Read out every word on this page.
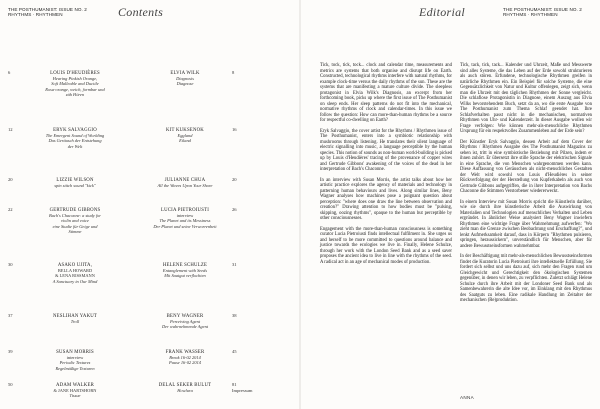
THE POSTHUMANIST: ISSUE NO. 2
RHYTHMS · RHYTHMEN	Contents
6	LOUIS D'HEUDIÈRES
Hearing Pinkish Orange,
Soft Malleable and Ductile
Rosa-orange, weich, formbar und
zäh Hören
8
ELVIA WILK
Diagnosis
Diagnose
12	ERYK SALVAGGIO
The Emergent Sound of Worlding
Das Geräusch der Entstehung
der Welt
16
KIT KUKSENOK
Eggland
Eiland
20	LIZZIE WILSON
spin stitch sound "kick"
20
JULIANNE CHUA
All the Waves Upon Your Shore
22	GERTRUDE GIBBONS
Bach's Chaconne: a study for
violin and voice
eine Studie für Geige und
Stimme
26
LUCIA PIETROIUSTI
interview
The Planet and its Messiness
Der Planet und seine Verworrenheit
30	ASAKO UJITA,
BELLA HOWARD
& LENA RISSMANN
A Sanctuary in Our Mind
31
HELENE SCHULZE
Entanglement with Seeds
Mit Saatgut verflochten
37	NESLIHAN YAKUT
Troll
38
BENY WAGNER
Perceiving Agent
Der wahrnehmende Agent
39	SUSAN MORRIS
interview
Periodic Textures
Regelmäßige Texturen
45
FRANK WASSER
Break 16-02 2014
Pause 16-02 2014
50	ADAM WALKER
& JANE HARTSHORN
Tissue
81
DELAL SEKER BULUT
Howlura	Impressum
Editorial	THE POSTHUMANIST: ISSUE NO. 2
RHYTHMS · RHYTHMEN

Tick, tock, tick, tock... clock and calendar time, measurements and metrics are systems that both organise and disrupt life on Earth. Constructed, technological rhythms interfere with natural rhythms, for example clock-time versus the daily rhythms of the sun. These are the systems that are manifesting a mature culture divide. The sleepless protagonist in Elvia Wilk's Diagnosis, an excerpt from her forthcoming book, picks up where the first issue of The Posthumanist on sleep ends. Her sleep patterns do not fit into the mechanical, normative rhythms of clock and calendar-times. In this issue we follow the question: How can more-than-human rhythms be a source for respectful co-dwelling on Earth?

Eryk Salvaggio, the cover artist for the Rhythms / Rhythmen issue of The Posthumanist, enters into a symbiotic relationship with mushrooms through listening. He translates their silent language of electric signalling into music, a language perceptible by the human species. This notion of sounds as non-human world-building is picked up by Louis d'Heudières' tracing of the provenance of copper wires and Gertrude Gibbons' awakening of the voices of the dead in her interpretation of Bach's Chaconne.

In an interview with Susan Morris, the artist talks about how her artistic practice explores the agency of materials and technology in patterning human behaviours and lives. Along similar lines, Beny Wagner analyses how machines pose a poignant question about perception: "where does one draw the line between observation and creation?" Drawing attention to how bodies must be "pulsing, skipping, oozing rhythms", opaque to the human but perceptible by other consciousnesses.

Engagement with the more-than-human consciousness is something curator Lucia Pietroiusti finds intellectual fulfilment in. She urges us and herself to be more committed to questions around balance and justice towards the ecologies we live in. Finally, Helene Schulze, through her work with the London Seed Bank and as a seed saver proposes the ancient idea to live in line with the rhythms of the seed. A radical act in an age of mechanical modes of production.

Tick, tack, tick, tack... Kalender und Uhrzeit, Maße und Messwerte sind alles Systeme, die das Leben auf der Erde sowohl strukturieren als auch stören. Erfundene, technologische Rhythmen greifen in natürliche Rhythmen ein. Ein Beispiel für solche Systeme, die eine Gegensätzlichkeit von Natur und Kultur offenlegen, zeigt sich, wenn man die Uhrzeit mit den täglichen Rhythmen der Sonne vergleicht. Die schlaflose Protagonistin in Diagnose, einem Auszug aus Elvia Wilks bevorstehendem Buch, setzt da an, wo die erste Ausgabe von The Posthumanist zum Thema Schlaf geendet hat. Ihre Schlafverhalten passt nicht in die mechanischen, normativen Rhythmen von Uhr- und Kalenderzeit. In dieser Ausgabe wollen wir Frage verfolgen: Wie können mehr-als-menschliche Rhythmen Ursprung für ein respektvolles Zusammenleben auf der Erde sein?

Der Künstler Eryk Salvaggio, dessen Arbeit auf dem Cover der Rhythms / Rhythmen Ausgabe des The Posthumanist Magazins zu sehen ist, tritt in eine symbiotische Beziehung mit Pilzen, indem er ihnen zuhört. Er übersetzt ihre stille Sprache der elektrischen Signale in eine Sprache, die von Menschen wahrgenommen werden kann. Diese Auffassung von Geräuschen als nicht-menschliches Gestalten der Welt wird sowohl von Louis d'Heudières in seiner Rückverfolgung der der Herstellung von Kupferkabeln als auch von Gertrude Gibbons aufgegriffen, die in ihrer Interpretation von Bachs Chaconne die Stimmen Verstorbener wiedererweckt.

In einem Interview mit Susan Morris spricht die Künstlerin darüber, wie sie durch ihre künstlerische Arbeit die Auswirkung von Materialien und Technologien auf menschliches Verhalten und Leben ergründet. In ähnlicher Weise analysiert Beny Wagner inwiefern Rhythmen eine wichtige Frage über Wahrnehmung aufwerfen: "Wo zieht man die Grenze zwischen Beobachtung und Erschaffung?", und lenkt Aufmerksamkeit darauf, dass in Körpern "Rhythmen pulsieren, springen, heraussickern", unverständlich für Menschen, aber für andere Bewusstseinsformen wahrnehmbar.

In der Beschäftigung mit mehr-als-menschlichen Bewusstseinsformen findet die Kuratorin Lucia Pietroiusti ihre intellektuelle Erfüllung. Sie fordert sich selbst und uns dazu auf, sich mehr den Fragen rund um Gleichgewicht und Gerechtigkeit den ökologischen Systemen gegenüber, in denen wir leben, zu verpflichten. Zuletzt schlägt Helene Schulze durch ihre Arbeit mit der Londoner Seed Bank und als Samenbewahrerin die alte Idee vor, im Einklang mit den Rhythmus des Saatguts zu leben. Eine radikale Handlung im Zeitalter der mechanischen (Re)produktion.

ANNA
